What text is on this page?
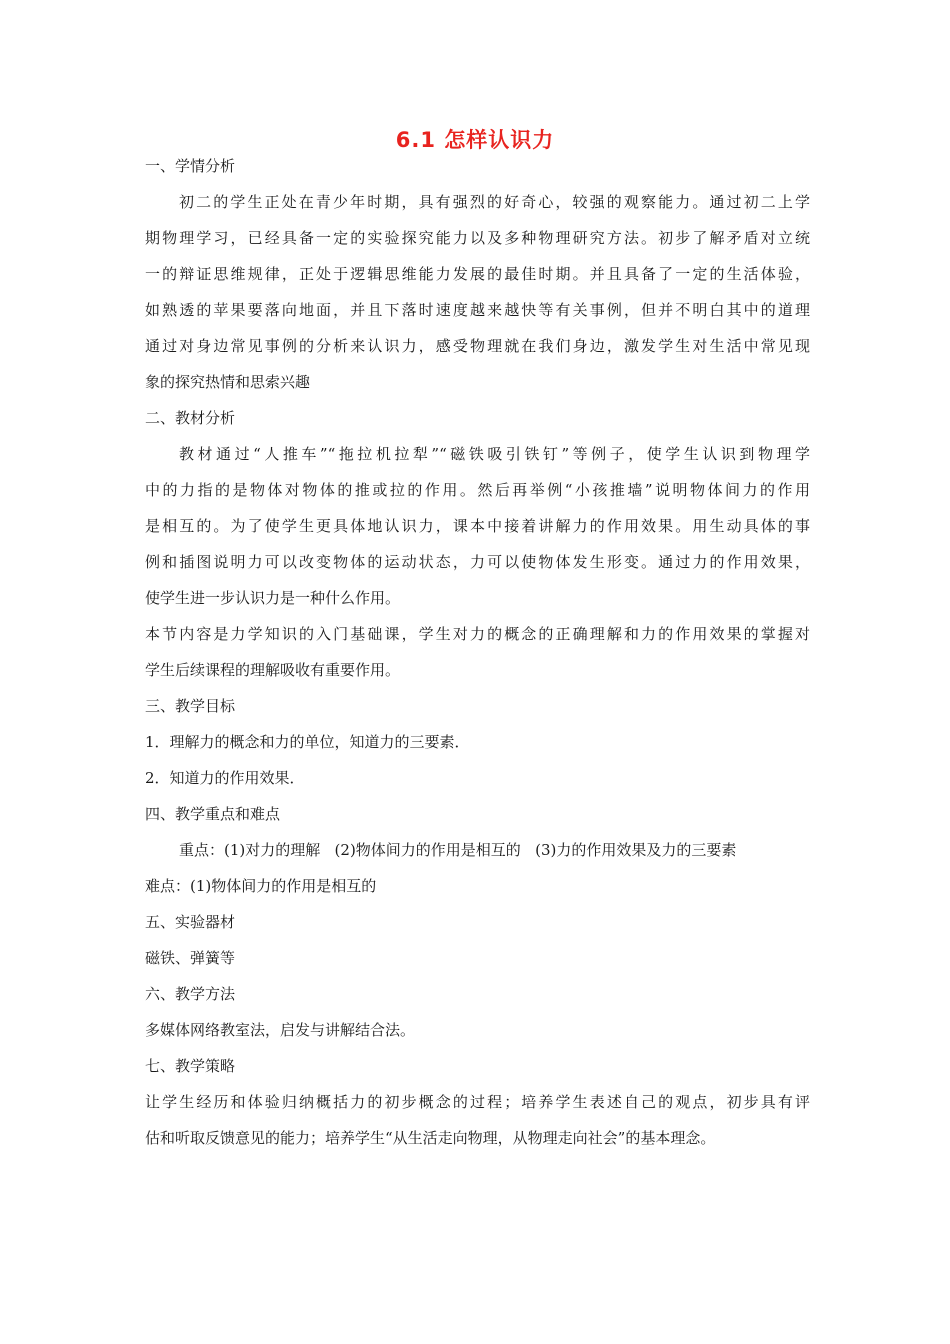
6.1 怎样认识力
一、学情分析
初二的学生正处在青少年时期，具有强烈的好奇心，较强的观察能力。通过初二上学
期物理学习，已经具备一定的实验探究能力以及多种物理研究方法。初步了解矛盾对立统
一的辩证思维规律，正处于逻辑思维能力发展的最佳时期。并且具备了一定的生活体验，
如熟透的苹果要落向地面，并且下落时速度越来越快等有关事例，但并不明白其中的道理
通过对身边常见事例的分析来认识力，感受物理就在我们身边，激发学生对生活中常见现
象的探究热情和思索兴趣
二、教材分析
教材通过“人推车”“拖拉机拉犁”“磁铁吸引铁钉”等例子，使学生认识到物理学
中的力指的是物体对物体的推或拉的作用。然后再举例“小孩推墙”说明物体间力的作用
是相互的。为了使学生更具体地认识力，课本中接着讲解力的作用效果。用生动具体的事
例和插图说明力可以改变物体的运动状态，力可以使物体发生形变。通过力的作用效果，
使学生进一步认识力是一种什么作用。
本节内容是力学知识的入门基础课，学生对力的概念的正确理解和力的作用效果的掌握对
学生后续课程的理解吸收有重要作用。
三、教学目标
1．理解力的概念和力的单位，知道力的三要素．
2．知道力的作用效果．
四、教学重点和难点
重点：(1)对力的理解   (2)物体间力的作用是相互的   (3)力的作用效果及力的三要素
难点：(1)物体间力的作用是相互的
五、实验器材
磁铁、弹簧等
六、教学方法
多媒体网络教室法，启发与讲解结合法。
七、教学策略
让学生经历和体验归纳概括力的初步概念的过程；培养学生表述自己的观点，初步具有评
估和听取反馈意见的能力；培养学生“从生活走向物理，从物理走向社会”的基本理念。
